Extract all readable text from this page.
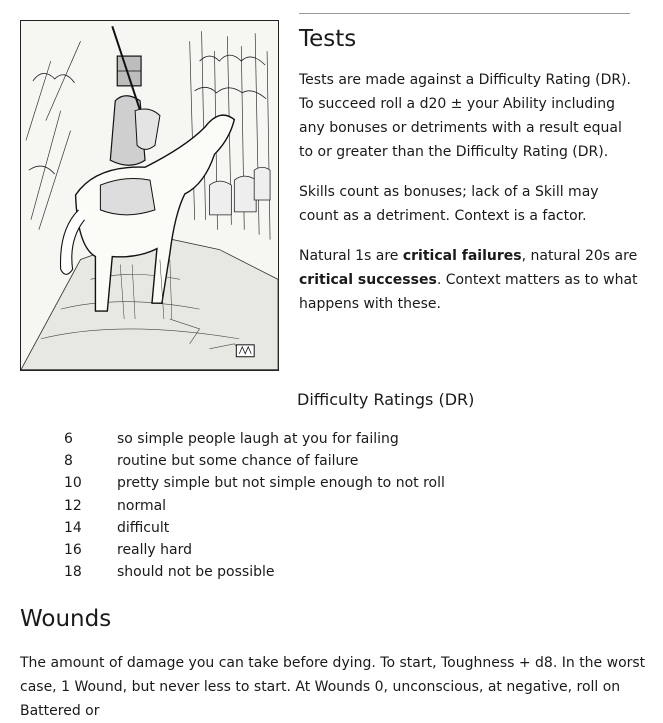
Tests

Tests are made against a Difficulty Rating (DR). To succeed roll a d20 ± your Ability including any bonuses or detriments with a result equal to or greater than the Difficulty Rating (DR).

Skills count as bonuses; lack of a Skill may count as a detriment. Context is a factor.

Natural 1s are critical failures, natural 20s are critical successes. Context matters as to what happens with these.

Difficulty Ratings (DR)
6	so simple people laugh at you for failing
8	routine but some chance of failure
10	pretty simple but not simple enough to not roll
12	normal
14	difficult
16	really hard
18	should not be possible
Wounds

The amount of damage you can take before dying. To start, Toughness + d8. In the worst case, 1 Wound, but never less to start. At Wounds 0, unconscious, at negative, roll on Battered or
